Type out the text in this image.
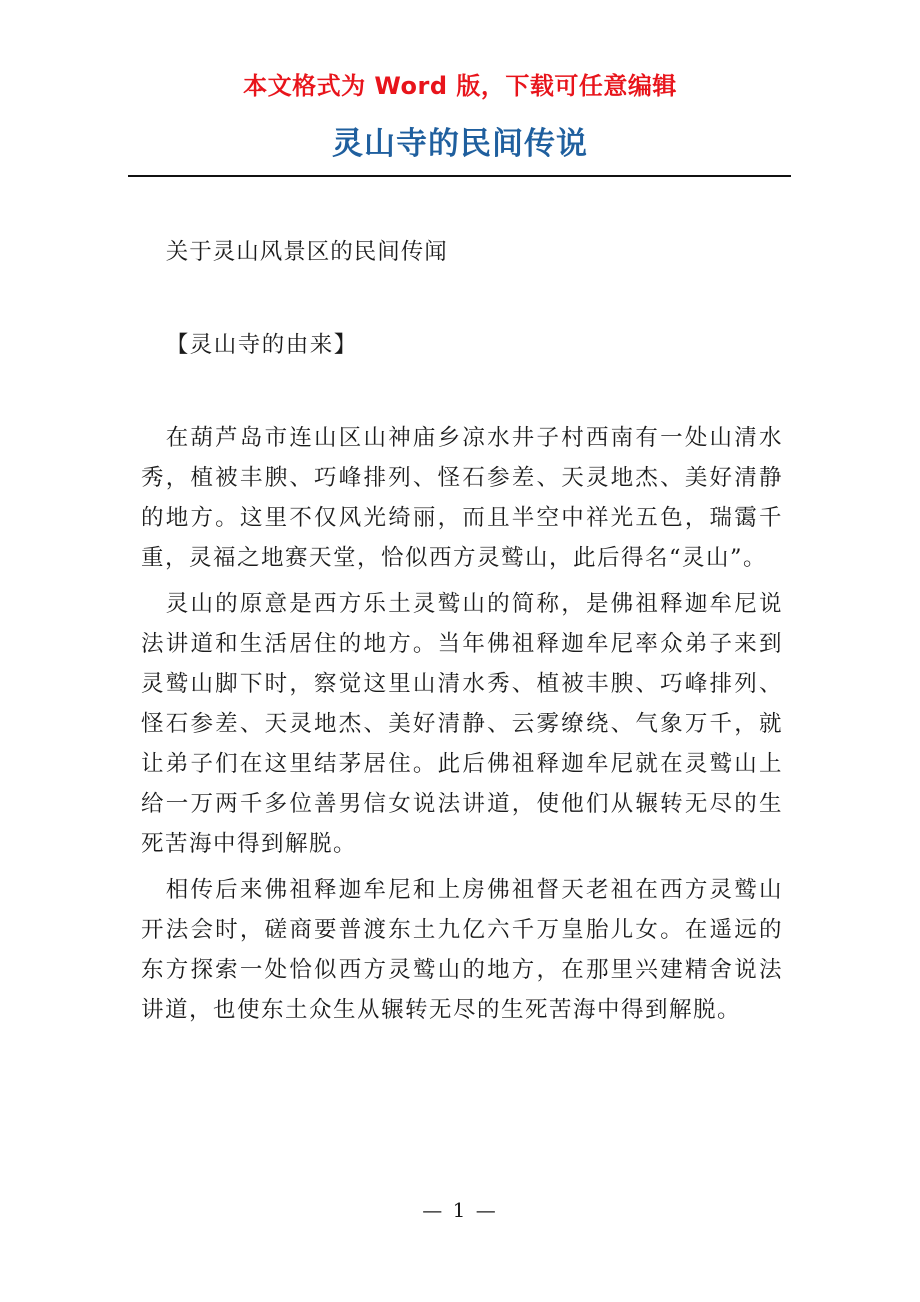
本文格式为 Word 版，下载可任意编辑
灵山寺的民间传说

关于灵山风景区的民间传闻

【灵山寺的由来】

在葫芦岛市连山区山神庙乡凉水井子村西南有一处山清水秀，植被丰腴、巧峰排列、怪石参差、天灵地杰、美好清静的地方。这里不仅风光绮丽，而且半空中祥光五色，瑞霭千重，灵福之地赛天堂，恰似西方灵鹫山，此后得名“灵山”。

灵山的原意是西方乐土灵鹫山的简称，是佛祖释迦牟尼说法讲道和生活居住的地方。当年佛祖释迦牟尼率众弟子来到灵鹫山脚下时，察觉这里山清水秀、植被丰腴、巧峰排列、怪石参差、天灵地杰、美好清静、云雾缭绕、气象万千，就让弟子们在这里结茅居住。此后佛祖释迦牟尼就在灵鹫山上给一万两千多位善男信女说法讲道，使他们从辗转无尽的生死苦海中得到解脱。

相传后来佛祖释迦牟尼和上房佛祖督天老祖在西方灵鹫山开法会时，磋商要普渡东土九亿六千万皇胎儿女。在遥远的东方探索一处恰似西方灵鹫山的地方，在那里兴建精舍说法讲道，也使东土众生从辗转无尽的生死苦海中得到解脱。

— 1 —
